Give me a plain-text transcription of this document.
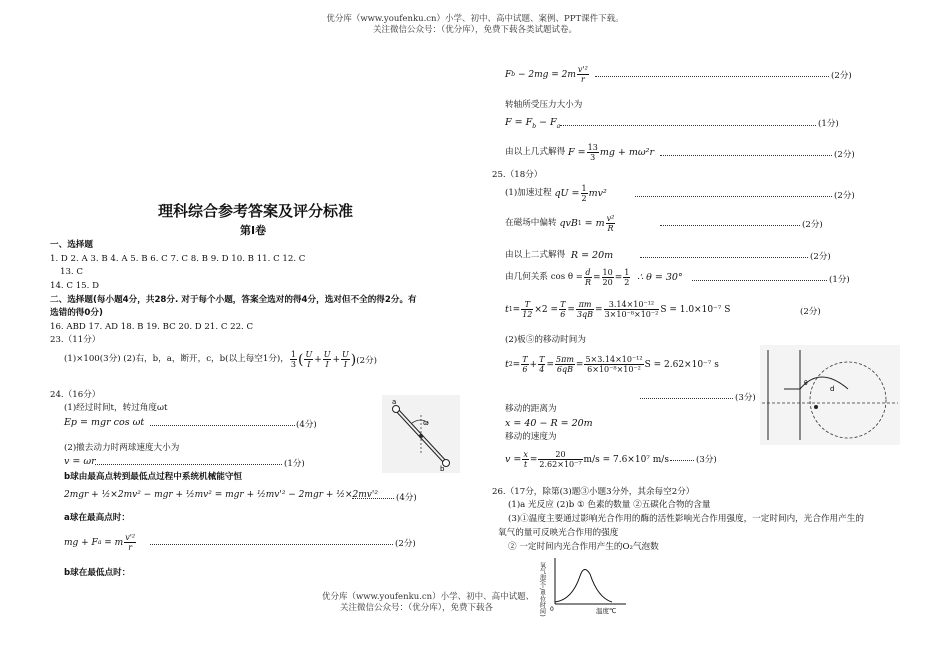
优分库（www.youfenku.cn）小学、初中、高中试题、案例、PPT课件下载。
关注微信公众号：（优分库），免费下载各类试题试卷。
理科综合参考答案及评分标准
第Ⅰ卷
一、选择题
1. D 2. A 3. B 4. A 5. B 6. C 7. C 8. B 9. D 10. B 11. C 12. C
13. C
14. C 15. D
二、选择题(每小题4分，共28分. 对于每个小题，答案全选对的得4分，选对但不全的得2分。有
选错的得0分)
16. ABD 17. AD 18. B 19. BC 20. D 21. C 22. C
23.（11分）
(1)×100(3分) (2)右，b，a，断开，c，b(以上每空1分)， $\frac{1}{3}$ ( $\frac{U}{I} + \frac{U}{I} + \frac{U}{I}$ ) (2分)
24.（16分）
(1)经过时间t，转过角度ωt
Ep = mgr cos ωt	(4分)
(2)撤去动力时两球速度大小为
v = ωr	(1分)
b球由最高点转到最低点过程中系统机械能守恒
2mgr + ½×2mv² − mgr + ½mv² = mgr + ½mv'² − 2mgr + ½×2mv'² (4分)
a球在最高点时：
mg + F a
= m $\frac{\text{v'²}}{r}$	(2分)
b球在最低点时：
a
b
ω
F b
− $2mg = 2m \frac{\text{v'²}}{r}$	(2分)
转轴所受压力大小为
$F = F_b - F_a$	(1分)
由以上几式解得
$F = \frac{13}{3}$ mg + mω²r	(2分)
25.（18分）
(1)加速过程
qU = $\frac{1}{2} mv^2$	(2分)
在磁场中偏转
qvB 1
= m $\frac{\text{v²}}{R}$	(2分)
由以上二式解得
R = 20m	(2分)
由几何关系 $\cos \theta = \frac{d}{R} = \frac{10}{20} = \frac{1}{2}$
∴ θ = 30°	(1分)
t $1 = \frac{T}{12} \times 2 = \frac{T}{6} = \frac{\pi m}{3qB} = \frac{\text{3.14×10⁻¹²}}{\text{3×10⁻⁸×10⁻²}}$ S = 1.0×10⁻⁷ S	(2分)
(2)板⑤的移动时间为
t $2 = \frac{T}{6} + \frac{T}{4} = \frac{5\pi m}{6qB} = \frac{\text{5×3.14×10⁻¹²}}{\text{6×10⁻⁸×10⁻²}}$ S = 2.62×10⁻⁷ s
(3分)
移动的距离为
x = 40 − R = 20m
移动的速度为
$v = \frac{x}{t} = \frac{20}{\text{2.62×10⁻⁷}} m/s = 7.6\times 10^7$ m/s	(3分)
d
θ
26.（17分，除第(3)题③小题3分外，其余每空2分）
(1)a 光反应 (2)b ① 色素的数量 ②五碳化合物的含量
(3)①温度主要通过影响光合作用的酶的活性影响光合作用强度，一定时间内，光合作用产生的
氧气的量可反映光合作用的强度
② 一定时间内光合作用产生的O₂气泡数
氧气泡(个/单位时间)	温度℃
0
优分库（www.youfenku.cn）小学、初中、高中试题、
关注微信公众号：（优分库），免费下载各
